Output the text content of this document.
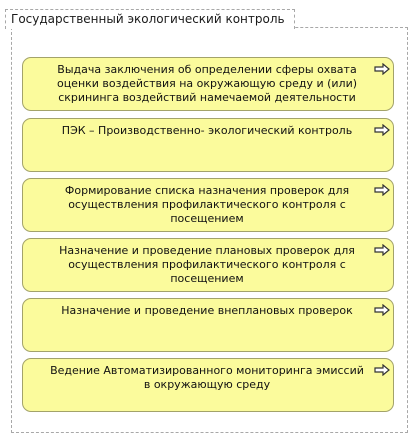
Государственный экологический контроль
Выдача заключения об определении сферы охвата оценки воздействия на окружающую среду и (или) скрининга воздействий намечаемой деятельности
ПЭК – Производственно- экологический контроль
Формирование списка назначения проверок для осуществления профилактического контроля с посещением
Назначение и проведение плановых проверок для осуществления профилактического контроля с посещением
Назначение и проведение внеплановых проверок
Ведение Автоматизированного мониторинга эмиссий в окружающую среду
